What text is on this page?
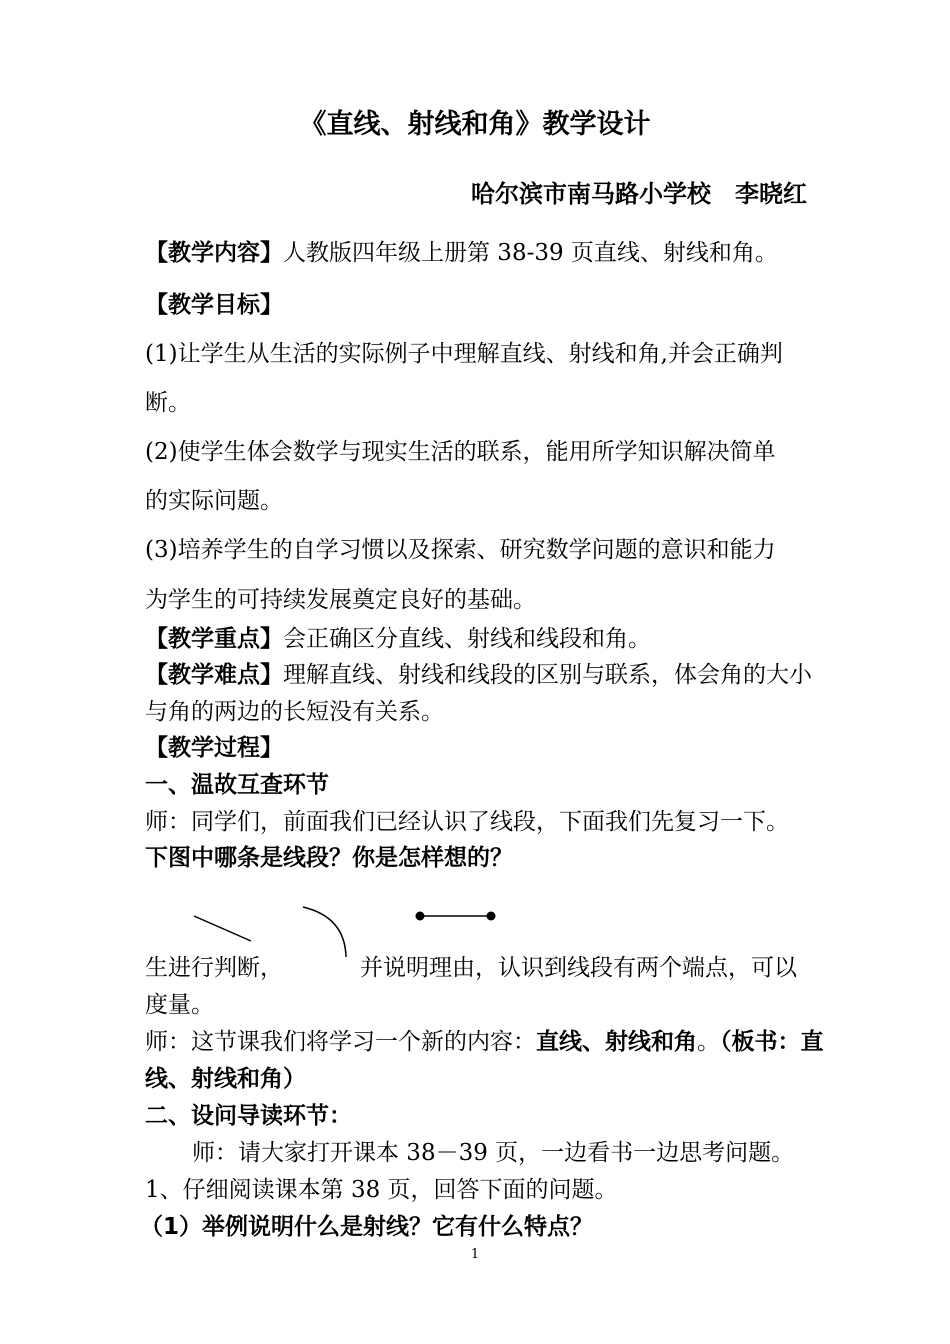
《直线、射线和角》教学设计
哈尔滨市南马路小学校　李晓红
【教学内容】人教版四年级上册第 38-39 页直线、射线和角。
【教学目标】
(1)让学生从生活的实际例子中理解直线、射线和角,并会正确判
断。
(2)使学生体会数学与现实生活的联系，能用所学知识解决简单
的实际问题。
(3)培养学生的自学习惯以及探索、研究数学问题的意识和能力
为学生的可持续发展奠定良好的基础。
【教学重点】会正确区分直线、射线和线段和角。
【教学难点】理解直线、射线和线段的区别与联系，体会角的大小
与角的两边的长短没有关系。
【教学过程】
一、温故互查环节
师：同学们，前面我们已经认识了线段，下面我们先复习一下。
下图中哪条是线段？你是怎样想的？
生进行判断，	并说明理由，认识到线段有两个端点，可以
度量。
师：这节课我们将学习一个新的内容：直线、射线和角。（板书：直
线、射线和角）
二、设问导读环节：
师：请大家打开课本 38－39 页，一边看书一边思考问题。
1、仔细阅读课本第 38 页，回答下面的问题。
（1）举例说明什么是射线？它有什么特点？
1
